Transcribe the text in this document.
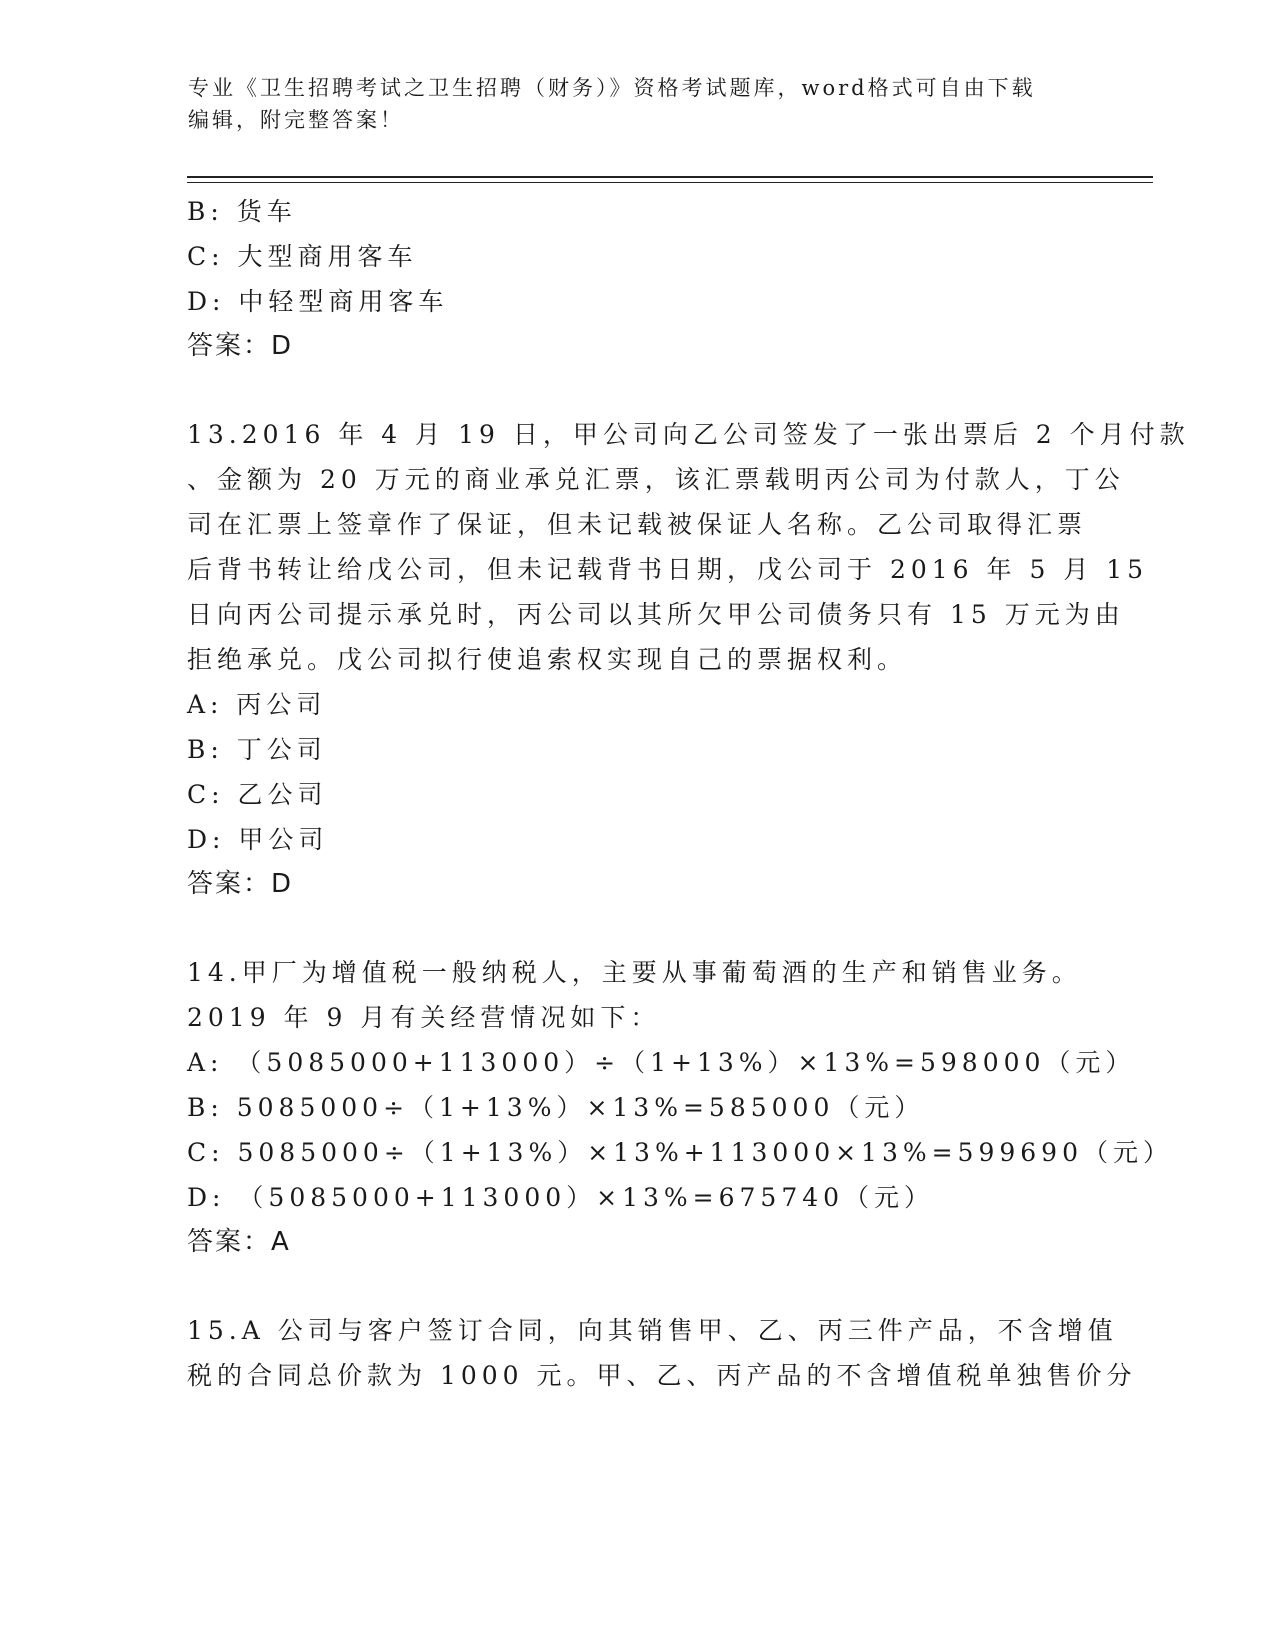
专业《卫生招聘考试之卫生招聘（财务）》资格考试题库，word格式可自由下载
编辑，附完整答案！
B: 货车
C: 大型商用客车
D: 中轻型商用客车
答案：D
13.2016 年 4 月 19 日，甲公司向乙公司签发了一张出票后 2 个月付款
、金额为 20 万元的商业承兑汇票，该汇票载明丙公司为付款人，丁公
司在汇票上签章作了保证，但未记载被保证人名称。乙公司取得汇票
后背书转让给戊公司，但未记载背书日期，戊公司于 2016 年 5 月 15
日向丙公司提示承兑时，丙公司以其所欠甲公司债务只有 15 万元为由
拒绝承兑。戊公司拟行使追索权实现自己的票据权利。
A: 丙公司
B: 丁公司
C: 乙公司
D: 甲公司
答案：D
14.甲厂为增值税一般纳税人，主要从事葡萄酒的生产和销售业务。
2019 年 9 月有关经营情况如下：
A: （5085000+113000）÷（1+13%）×13%=598000（元）
B: 5085000÷（1+13%）×13%=585000（元）
C: 5085000÷（1+13%）×13%+113000×13%=599690（元）
D: （5085000+113000）×13%=675740（元）
答案：A
15.A 公司与客户签订合同，向其销售甲、乙、丙三件产品，不含增值
税的合同总价款为 1000 元。甲、乙、丙产品的不含增值税单独售价分
